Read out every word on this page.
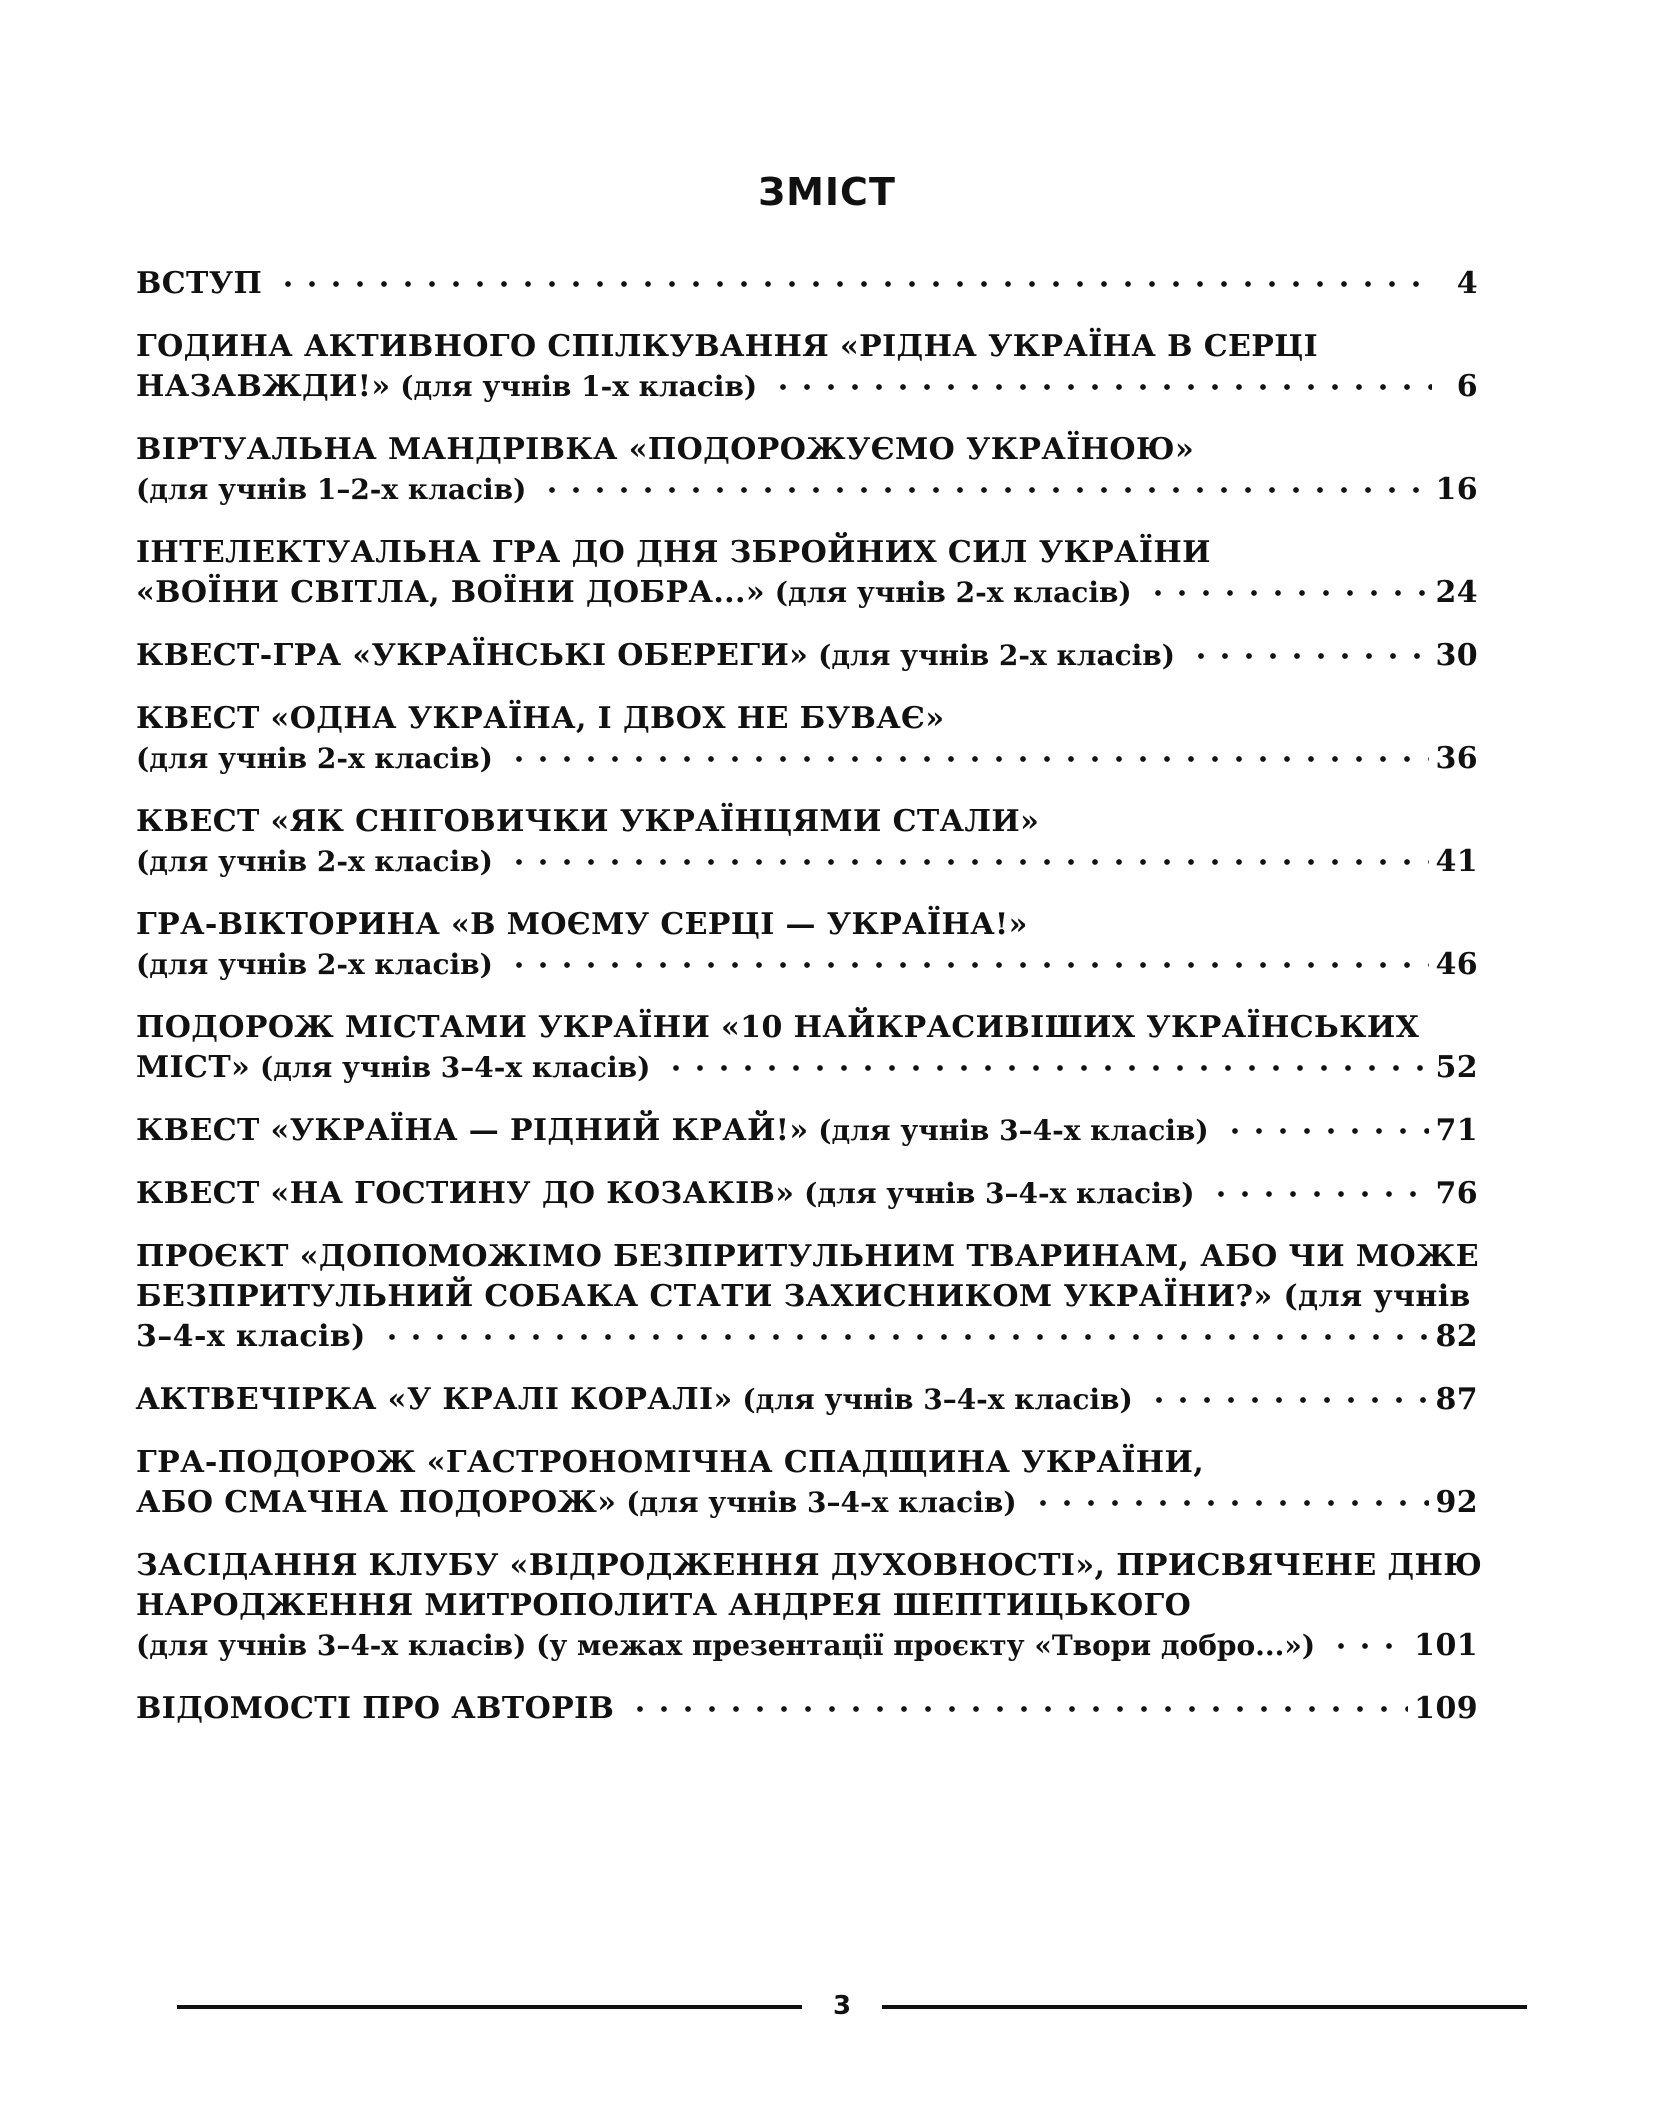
ЗМІСТ
ВСТУП	4
ГОДИНА АКТИВНОГО СПІЛКУВАННЯ «РІДНА УКРАЇНА В СЕРЦІ
НАЗАВЖДИ!» (для учнів 1-х класів)	6
ВІРТУАЛЬНА МАНДРІВКА «ПОДОРОЖУЄМО УКРАЇНОЮ»
(для учнів 1–2-х класів)	16
ІНТЕЛЕКТУАЛЬНА ГРА ДО ДНЯ ЗБРОЙНИХ СИЛ УКРАЇНИ
«ВОЇНИ СВІТЛА, ВОЇНИ ДОБРА...» (для учнів 2-х класів)	24
КВЕСТ-ГРА «УКРАЇНСЬКІ ОБЕРЕГИ» (для учнів 2-х класів)	30
КВЕСТ «ОДНА УКРАЇНА, І ДВОХ НЕ БУВАЄ»
(для учнів 2-х класів)	36
КВЕСТ «ЯК СНІГОВИЧКИ УКРАЇНЦЯМИ СТАЛИ»
(для учнів 2-х класів)	41
ГРА-ВІКТОРИНА «В МОЄМУ СЕРЦІ — УКРАЇНА!»
(для учнів 2-х класів)	46
ПОДОРОЖ МІСТАМИ УКРАЇНИ «10 НАЙКРАСИВІШИХ УКРАЇНСЬКИХ
МІСТ» (для учнів 3–4-х класів)	52
КВЕСТ «УКРАЇНА — РІДНИЙ КРАЙ!» (для учнів 3–4-х класів)	71
КВЕСТ «НА ГОСТИНУ ДО КОЗАКІВ» (для учнів 3–4-х класів)	76
ПРОЄКТ «ДОПОМОЖІМО БЕЗПРИТУЛЬНИМ ТВАРИНАМ, АБО ЧИ МОЖЕ
БЕЗПРИТУЛЬНИЙ СОБАКА СТАТИ ЗАХИСНИКОМ УКРАЇНИ?» (для учнів
3–4-х класів)	82
AКТВЕЧІРКА «У КРАЛІ КОРАЛІ» (для учнів 3–4-х класів)	87
ГРА-ПОДОРОЖ «ГАСТРОНОМІЧНА СПАДЩИНА УКРАЇНИ,
АБО СМАЧНА ПОДОРОЖ» (для учнів 3–4-х класів)	92
ЗАСІДАННЯ КЛУБУ «ВІДРОДЖЕННЯ ДУХОВНОСТІ», ПРИСВЯЧЕНЕ ДНЮ
НАРОДЖЕННЯ МИТРОПОЛИТА АНДРЕЯ ШЕПТИЦЬКОГО
(для учнів 3–4-х класів) (у межах презентації проєкту «Твори добро...»)	101
ВІДОМОСТІ ПРО АВТОРІВ	109
3
